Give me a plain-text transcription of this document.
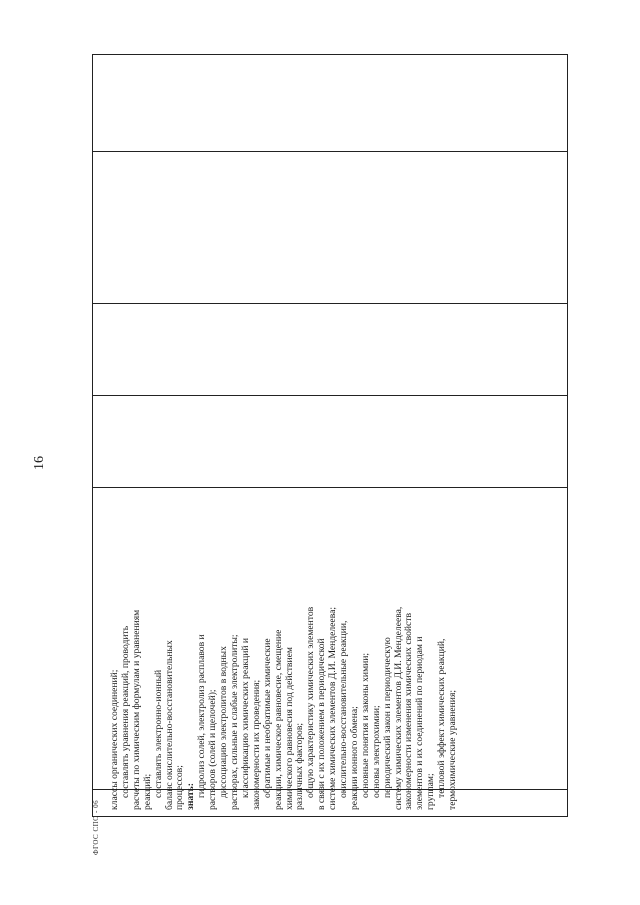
16
ФГОС СПО - 06
классы органических соединений; составлять уравнения реакций, проводить расчеты по химическим формулам и уравнениям реакций; составлять электронно-ионный баланс окислительно-восстановительных процессов; знать: гидролиз солей, электролиз расплавов и растворов (солей и щелочей); диссоциацию электролитов в водных растворах, сильные и слабые электролиты; классификацию химических реакций и закономерности их проведения; обратимые и необратимые химические реакции, химическое равновесие, смещение химического равновесия под действием различных факторов; общую характеристику химических элементов в связи с их положением в периодической системе химических элементов Д.И. Менделеева; окислительно-восстановительные реакции, реакции ионного обмена; основные понятия и законы химии; основы электрохимии; периодический закон и периодическую систему химических элементов Д.И. Менделеева, закономерности изменения химических свойств элементов и их соединений по периодам и группам; тепловой эффект химических реакций, термохимические уравнения;
